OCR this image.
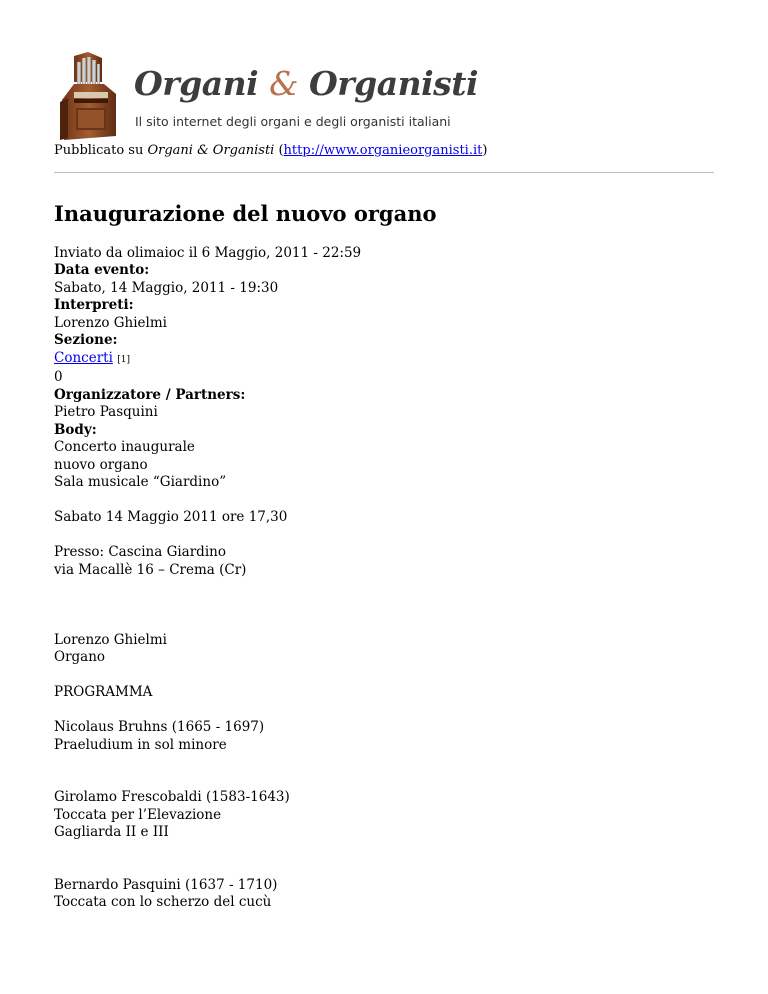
Organi & Organisti
Il sito internet degli organi e degli organisti italiani
Pubblicato su Organi & Organisti (http://www.organieorganisti.it)
Inaugurazione del nuovo organo
Inviato da olimaioc il 6 Maggio, 2011 - 22:59
Data evento:
Sabato, 14 Maggio, 2011 - 19:30
Interpreti:
Lorenzo Ghielmi
Sezione:
Concerti [1]
0
Organizzatore / Partners:
Pietro Pasquini
Body:
Concerto inaugurale
nuovo organo
Sala musicale “Giardino”
Sabato 14 Maggio 2011 ore 17,30
Presso: Cascina Giardino
via Macallè 16 – Crema (Cr)
Lorenzo Ghielmi
Organo
PROGRAMMA
Nicolaus Bruhns (1665 - 1697)
Praeludium in sol minore
Girolamo Frescobaldi (1583-1643)
Toccata per l’Elevazione
Gagliarda II e III
Bernardo Pasquini (1637 - 1710)
Toccata con lo scherzo del cucù
